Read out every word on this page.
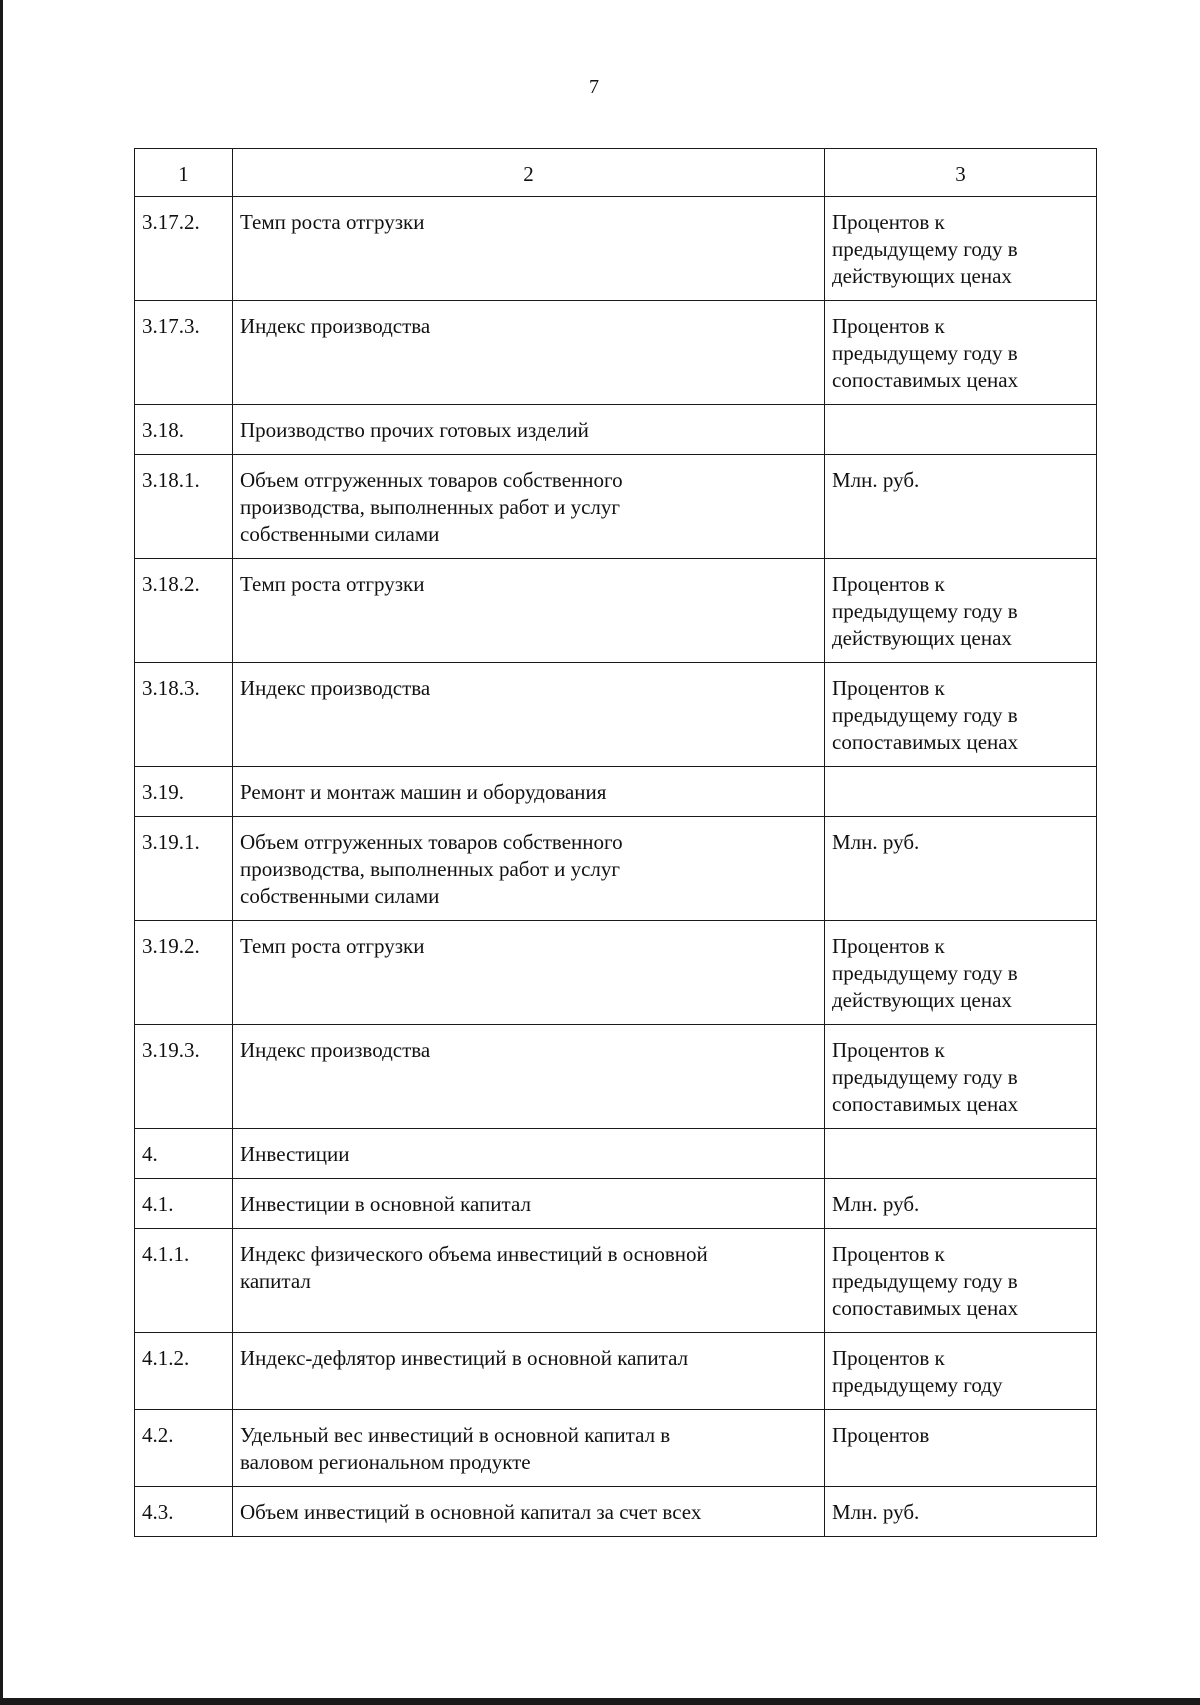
7
1	2	3
3.17.2.	Темп роста отгрузки	Процентов к
предыдущему году в
действующих ценах
3.17.3.	Индекс производства	Процентов к
предыдущему году в
сопоставимых ценах
3.18.	Производство прочих готовых изделий	
3.18.1.	Объем отгруженных товаров собственного
производства, выполненных работ и услуг
собственными силами	Млн. руб.
3.18.2.	Темп роста отгрузки	Процентов к
предыдущему году в
действующих ценах
3.18.3.	Индекс производства	Процентов к
предыдущему году в
сопоставимых ценах
3.19.	Ремонт и монтаж машин и оборудования	
3.19.1.	Объем отгруженных товаров собственного
производства, выполненных работ и услуг
собственными силами	Млн. руб.
3.19.2.	Темп роста отгрузки	Процентов к
предыдущему году в
действующих ценах
3.19.3.	Индекс производства	Процентов к
предыдущему году в
сопоставимых ценах
4.	Инвестиции	
4.1.	Инвестиции в основной капитал	Млн. руб.
4.1.1.	Индекс физического объема инвестиций в основной
капитал	Процентов к
предыдущему году в
сопоставимых ценах
4.1.2.	Индекс-дефлятор инвестиций в основной капитал	Процентов к
предыдущему году
4.2.	Удельный вес инвестиций в основной капитал в
валовом региональном продукте	Процентов
4.3.	Объем инвестиций в основной капитал за счет всех	Млн. руб.
